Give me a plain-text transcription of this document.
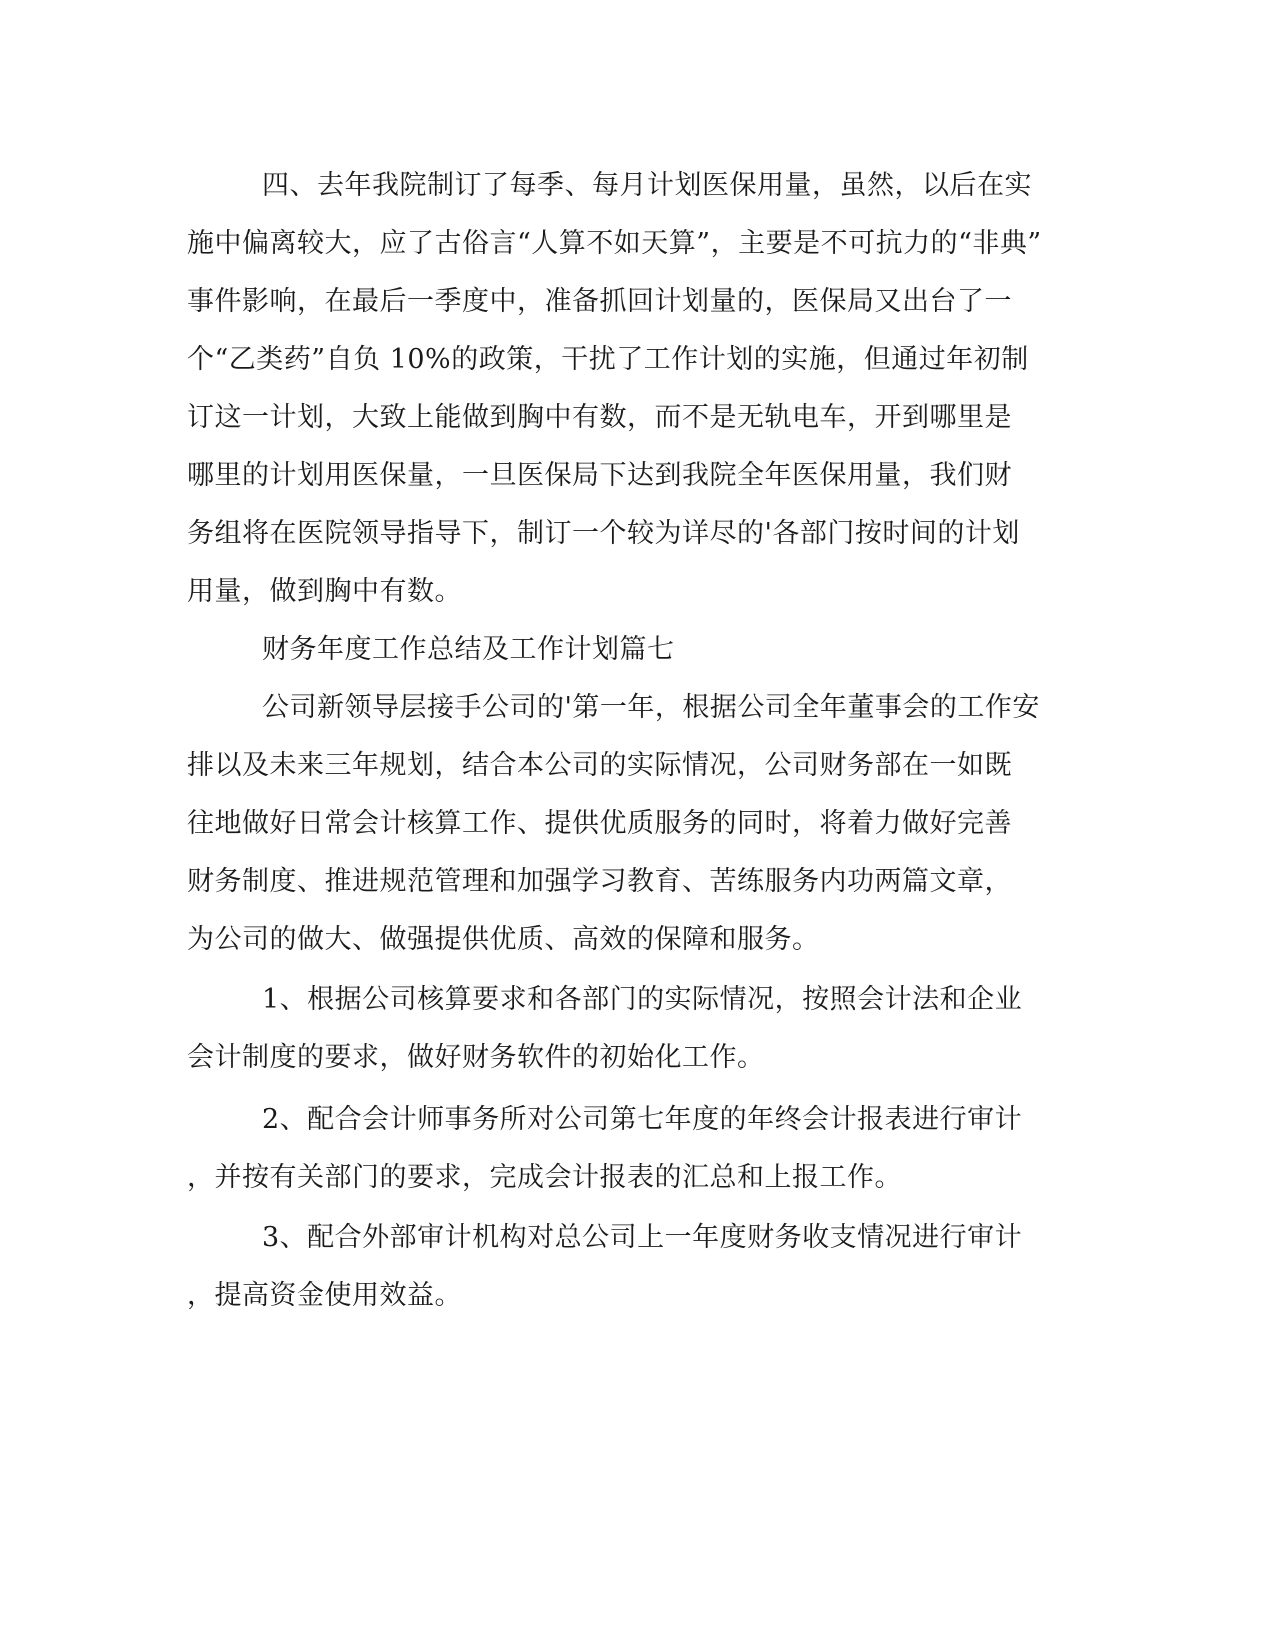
四、去年我院制订了每季、每月计划医保用量，虽然，以后在实
施中偏离较大，应了古俗言“人算不如天算”，主要是不可抗力的“非典”
事件影响，在最后一季度中，准备抓回计划量的，医保局又出台了一
个“乙类药”自负 10%的政策，干扰了工作计划的实施，但通过年初制
订这一计划，大致上能做到胸中有数，而不是无轨电车，开到哪里是
哪里的计划用医保量，一旦医保局下达到我院全年医保用量，我们财
务组将在医院领导指导下，制订一个较为详尽的'各部门按时间的计划
用量，做到胸中有数。
财务年度工作总结及工作计划篇七
公司新领导层接手公司的'第一年，根据公司全年董事会的工作安
排以及未来三年规划，结合本公司的实际情况，公司财务部在一如既
往地做好日常会计核算工作、提供优质服务的同时，将着力做好完善
财务制度、推进规范管理和加强学习教育、苦练服务内功两篇文章，
为公司的做大、做强提供优质、高效的保障和服务。
1、根据公司核算要求和各部门的实际情况，按照会计法和企业
会计制度的要求，做好财务软件的初始化工作。
2、配合会计师事务所对公司第七年度的年终会计报表进行审计
，并按有关部门的要求，完成会计报表的汇总和上报工作。
3、配合外部审计机构对总公司上一年度财务收支情况进行审计
，提高资金使用效益。
